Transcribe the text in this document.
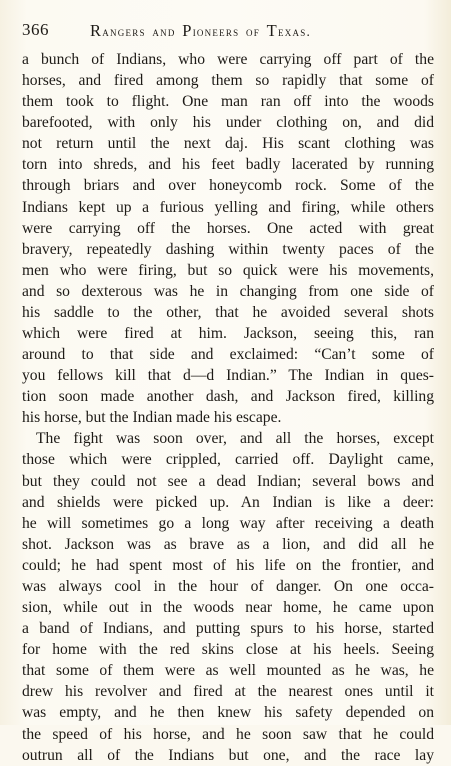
366 Rangers and Pioneers of Texas.
a bunch of Indians, who were carrying off part of the
horses, and fired among them so rapidly that some of
them took to flight. One man ran off into the woods
barefooted, with only his under clothing on, and did
not return until the next daj. His scant clothing was
torn into shreds, and his feet badly lacerated by running
through briars and over honeycomb rock. Some of the
Indians kept up a furious yelling and firing, while others
were carrying off the horses. One acted with great
bravery, repeatedly dashing within twenty paces of the
men who were firing, but so quick were his movements,
and so dexterous was he in changing from one side of
his saddle to the other, that he avoided several shots
which were fired at him. Jackson, seeing this, ran
around to that side and exclaimed: “Can’t some of
you fellows kill that d—d Indian.” The Indian in ques-
tion soon made another dash, and Jackson fired, killing
his horse, but the Indian made his escape.
The fight was soon over, and all the horses, except
those which were crippled, carried off. Daylight came,
but they could not see a dead Indian; several bows and
and shields were picked up. An Indian is like a deer:
he will sometimes go a long way after receiving a death
shot. Jackson was as brave as a lion, and did all he
could; he had spent most of his life on the frontier, and
was always cool in the hour of danger. On one occa-
sion, while out in the woods near home, he came upon
a band of Indians, and putting spurs to his horse, started
for home with the red skins close at his heels. Seeing
that some of them were as well mounted as he was, he
drew his revolver and fired at the nearest ones until it
was empty, and he then knew his safety depended on
the speed of his horse, and he soon saw that he could
outrun all of the Indians but one, and the race lay
